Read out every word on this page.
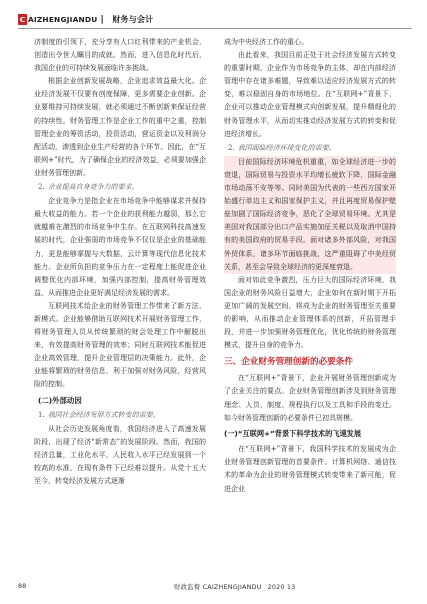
C AIZHENGJIANDU ▎ 财务与会计

济制度的引领下，充分享有人口红利带来的产业机会，创造出令世人瞩目的成就。然而，进入信息化时代后，我国企业的可持续发展面临许多挑战。

根据企业创新发展战略，企业追求效益最大化。企业经济发展不仅要有创度保障，更多需要企业创新。企业要维持可持续发展，就必须通过不断创新来保证经营的持续性。财务管理工作是企业工作的重中之重，控制管理企业的筹资活动，投资活动，营运资金以及利润分配活动，渗透到企业生产经营的各个环节。因此，在“互联网+”时代，为了确保企业的经济效益，必须要加强企业财务管理创新。

2. 企业提高自身竞争力的要求。

企业竞争力是指企业在市场竞争中能够谋求并保持最大收益的能力。若一个企业的获利能力越弱，那么它就越难在激烈的市场竞争中生存。在互联网科技高速发展的时代，企业强弱的市场竞争不仅仅是企业的基础能力，更是能够掌握与大数据，云计算等现代信息化技术能力。企业所负担的竞争压力在一定程度上能促进企业调整优化内部环境，加强内部控制，提高财务管理效益，从而推进企业更好满足经济发展的需求。

互联网技术给企业的财务管理工作带来了新方法，新模式。企业能够借助互联网技术开展财务管理工作，将财务管理人员从传统繁琐的财会处理工作中解脱出来，有效提高财务管理的效率；同时互联网技术能促进企业高效管理，提升企业管理层的决策能力。此外，企业能将繁琐的财务信息，利于加强对财务风险，经营风险的控制。

(二)外部动因

1. 我国社会经济发展方式转变的需要。

从社会历史发展角度看，我国经济进入了高速发展阶段，出现了经济“新常态”的发展阶段。然而，我国的经济总量，工业化水平，人民收入水平已经发展到一个较高的水准，在现有条件下已经难以提升。从党十五大至今，转变经济发展方式逐渐

成为中央经济工作的重心。

由此看来，我国目前正处于社会经济发展方式转变的重要时期，企业作为市场竞争的主体，却在内部经济管理中存在诸多难题，导致难以适应经济发展方式的转变，难以稳固自身的市场地位。在“互联网+”背景下，企业可以推动企业管理模式向创新发展，提升精细化的财务管理水平，从而切实推动经济发展方式的转变和促进经济增长。

2. 我国面临经济环境变化的需要。

目前国际经济环境危机重重，如全球经济进一步的衰退，国际贸易与投资水平均增长疲软下降，国际金融市场动荡不安等等。同时美国为代表的一些西方国家开始盛行单边主义和国家保护主义，并且再度贸易保护壁垒加剧了国际经济竞争，恶化了全球贸易环境。尤其是美国对我国部分出口产品实施加征关税以及取消中国持有的美国政府的贸易手段。面对诸多外部风险，对我国外贸体系，诸多环节面临挑战，这严重阻碍了中美经贸关系，甚至会导致全球经济的更深度衰退。

面对如此竞争激烈，压力巨大的国际经济环境，我国企业的财务风险日益增大，企业如何在新时期下开拓更加广阔的发展空间，将成为企业的财务管理至关重要的影响，从而推动企业管理体系的创新，开拓管理手段，并进一步加强财务管理优化，优化传统的财务管理模式，提升自身的竞争力。

三、企业财务管理创新的必要条件

在“互联网+”背景下，企业开展财务管理创新成为了企业关注的要点。企业财务管理创新涉及到财务管理理念、人员、制度、规程执行以及工具和手段的变迁。如今财务管理创新的必要条件已初具规模。

(一)“互联网+”背景下科学技术的飞速发展

在“互联网+”背景下，我国科学技术的发展成为企业财务管理创新管理的首要条件。计算机网络、通信技术的革命为企业的财务管理模式转变带来了新可能，促进企业

88	财政监督 CAIZHENGJIANDU 2020 13
